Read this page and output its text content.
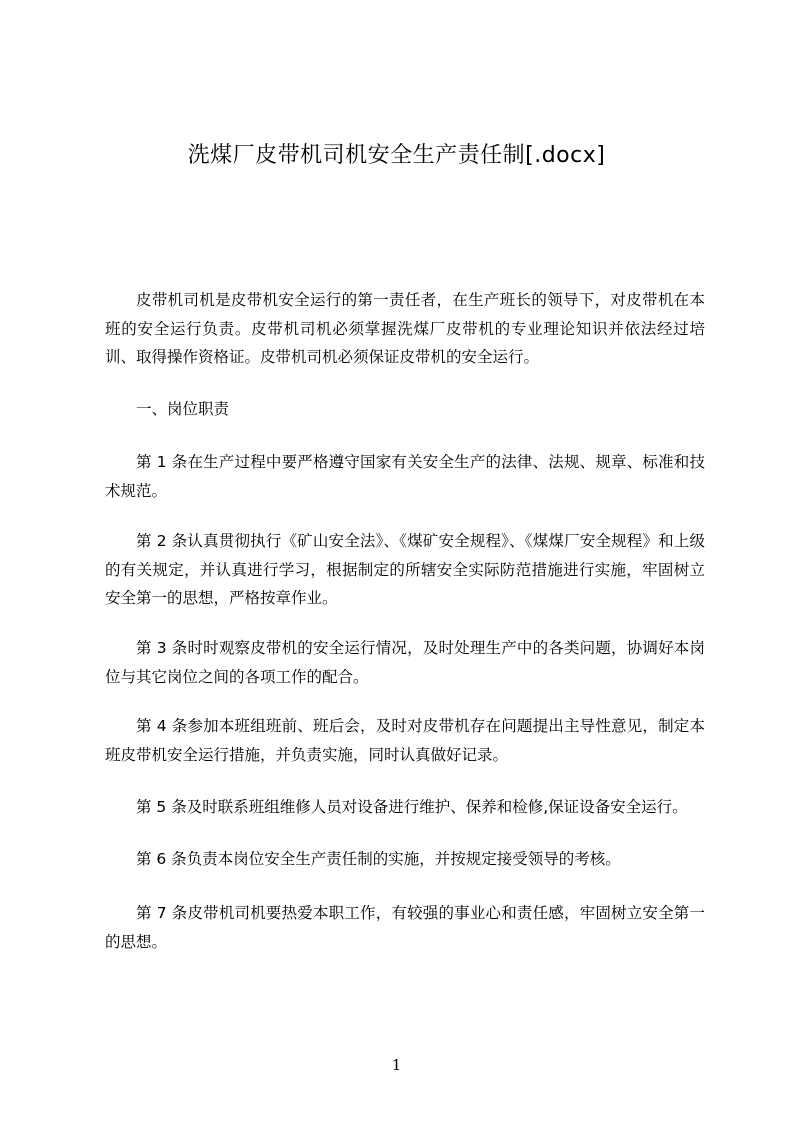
洗煤厂皮带机司机安全生产责任制[.docx]

皮带机司机是皮带机安全运行的第一责任者，在生产班长的领导下，对皮带机在本班的安全运行负责。皮带机司机必须掌握洗煤厂皮带机的专业理论知识并依法经过培训、取得操作资格证。皮带机司机必须保证皮带机的安全运行。

一、岗位职责

第 1 条在生产过程中要严格遵守国家有关安全生产的法律、法规、规章、标准和技术规范。

第 2 条认真贯彻执行《矿山安全法》、《煤矿安全规程》、《煤煤厂安全规程》和上级的有关规定，并认真进行学习，根据制定的所辖安全实际防范措施进行实施，牢固树立安全第一的思想，严格按章作业。

第 3 条时时观察皮带机的安全运行情况，及时处理生产中的各类问题，协调好本岗位与其它岗位之间的各项工作的配合。

第 4 条参加本班组班前、班后会，及时对皮带机存在问题提出主导性意见，制定本班皮带机安全运行措施，并负责实施，同时认真做好记录。

第 5 条及时联系班组维修人员对设备进行维护、保养和检修,保证设备安全运行。

第 6 条负责本岗位安全生产责任制的实施，并按规定接受领导的考核。

第 7 条皮带机司机要热爱本职工作，有较强的事业心和责任感，牢固树立安全第一的思想。

1
